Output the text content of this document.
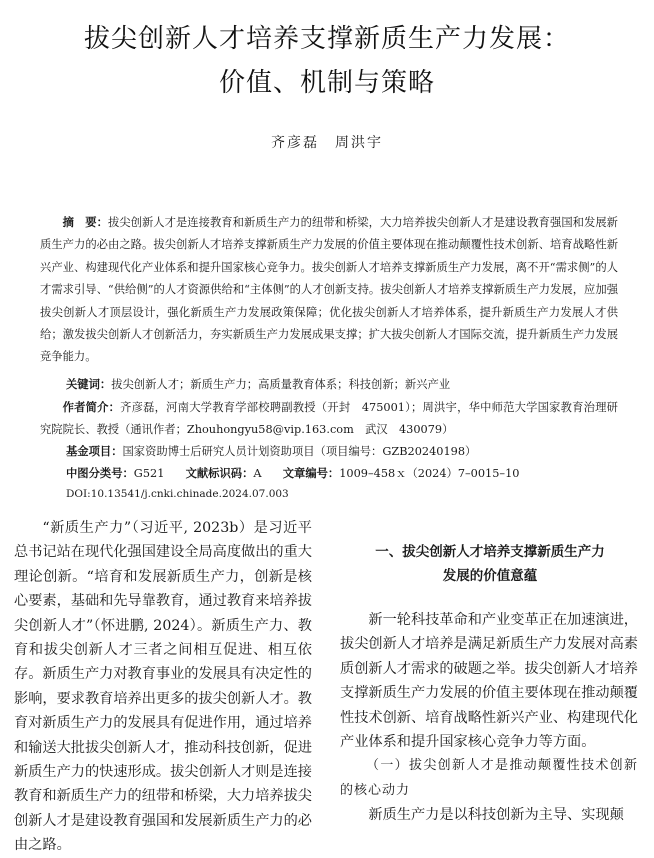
拔尖创新人才培养支撑新质生产力发展：
价值、机制与策略
齐彦磊　周洪宇
摘　要：拔尖创新人才是连接教育和新质生产力的纽带和桥梁，大力培养拔尖创新人才是建设教育强国和发展新质生产力的必由之路。拔尖创新人才培养支撑新质生产力发展的价值主要体现在推动颠覆性技术创新、培育战略性新兴产业、构建现代化产业体系和提升国家核心竞争力。拔尖创新人才培养支撑新质生产力发展，离不开“需求侧”的人才需求引导、“供给侧”的人才资源供给和“主体侧”的人才创新支持。拔尖创新人才培养支撑新质生产力发展，应加强拔尖创新人才顶层设计，强化新质生产力发展政策保障；优化拔尖创新人才培养体系，提升新质生产力发展人才供给；激发拔尖创新人才创新活力，夯实新质生产力发展成果支撑；扩大拔尖创新人才国际交流，提升新质生产力发展竞争能力。
关键词：拔尖创新人才；新质生产力；高质量教育体系；科技创新；新兴产业
作者简介：齐彦磊，河南大学教育学部校聘副教授（开封　475001）；周洪宇，华中师范大学国家教育治理研究院院长、教授（通讯作者；Zhouhongyu58@vip.163.com　武汉　430079）
基金项目：国家资助博士后研究人员计划资助项目（项目编号：GZB20240198）
中图分类号：G521 文献标识码：A 文章编号：1009–458ｘ（2024）7–0015–10
DOI:10.13541/j.cnki.chinade.2024.07.003

“新质生产力”（习近平, 2023b）是习近平总书记站在现代化强国建设全局高度做出的重大理论创新。“培育和发展新质生产力，创新是核心要素，基础和先导靠教育，通过教育来培养拔尖创新人才”（怀进鹏, 2024）。新质生产力、教育和拔尖创新人才三者之间相互促进、相互依存。新质生产力对教育事业的发展具有决定性的影响，要求教育培养出更多的拔尖创新人才。教育对新质生产力的发展具有促进作用，通过培养和输送大批拔尖创新人才，推动科技创新，促进新质生产力的快速形成。拔尖创新人才则是连接教育和新质生产力的纽带和桥梁，大力培养拔尖创新人才是建设教育强国和发展新质生产力的必由之路。

一、拔尖创新人才培养支撑新质生产力
发展的价值意蕴

新一轮科技革命和产业变革正在加速演进，拔尖创新人才培养是满足新质生产力发展对高素质创新人才需求的破题之举。拔尖创新人才培养支撑新质生产力发展的价值主要体现在推动颠覆性技术创新、培育战略性新兴产业、构建现代化产业体系和提升国家核心竞争力等方面。

（一）拔尖创新人才是推动颠覆性技术创新的核心动力

新质生产力是以科技创新为主导、实现颠
